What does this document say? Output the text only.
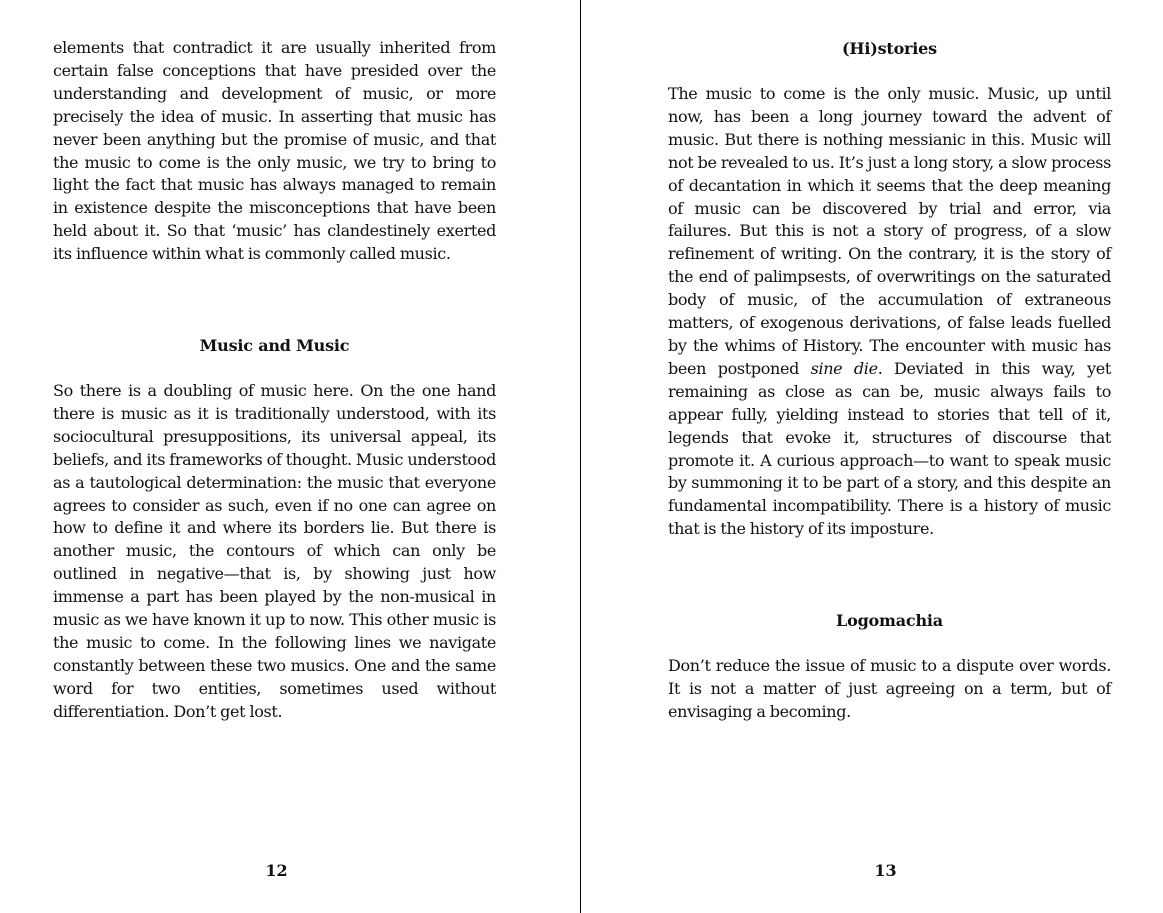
elements that contradict it are usually inherited from certain false conceptions that have presided over the understanding and development of music, or more precisely the idea of music. In asserting that music has never been anything but the promise of music, and that the music to come is the only music, we try to bring to light the fact that music has always managed to remain in existence despite the misconceptions that have been held about it. So that ‘music’ has clandestinely exerted its influence within what is commonly called music.

Music and Music

So there is a doubling of music here. On the one hand there is music as it is traditionally understood, with its sociocultural presuppositions, its universal appeal, its beliefs, and its frameworks of thought. Music understood as a tautological determination: the music that everyone agrees to consider as such, even if no one can agree on how to define it and where its borders lie. But there is another music, the contours of which can only be outlined in negative—that is, by showing just how immense a part has been played by the non-musical in music as we have known it up to now. This other music is the music to come. In the following lines we navigate constantly between these two musics. One and the same word for two entities, sometimes used without differentiation. Don’t get lost.

12
(Hi)stories

The music to come is the only music. Music, up until now, has been a long journey toward the advent of music. But there is nothing messianic in this. Music will not be revealed to us. It’s just a long story, a slow process of decantation in which it seems that the deep meaning of music can be discovered by trial and error, via failures. But this is not a story of progress, of a slow refinement of writing. On the contrary, it is the story of the end of palimpsests, of overwritings on the saturated body of music, of the accumulation of extraneous matters, of exogenous derivations, of false leads fuelled by the whims of History. The encounter with music has been postponed sine die. Deviated in this way, yet remaining as close as can be, music always fails to appear fully, yielding instead to stories that tell of it, legends that evoke it, structures of discourse that promote it. A curious approach—to want to speak music by summoning it to be part of a story, and this despite an fundamental incompatibility. There is a history of music that is the history of its imposture.

Logomachia

Don’t reduce the issue of music to a dispute over words. It is not a matter of just agreeing on a term, but of envisaging a becoming.

13
